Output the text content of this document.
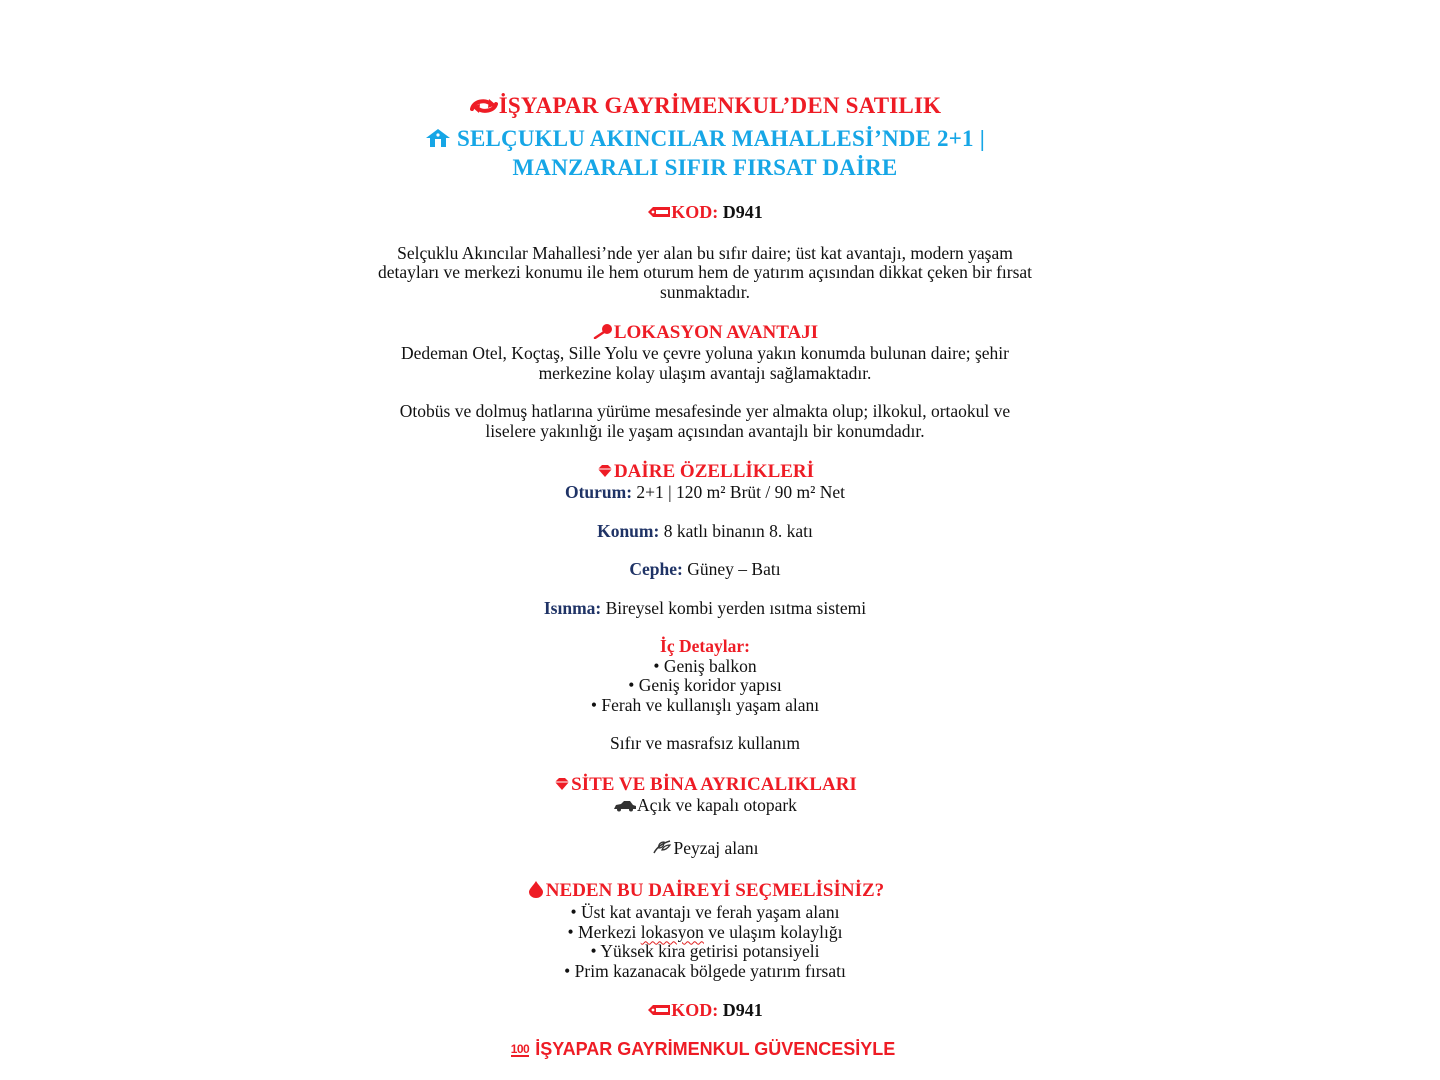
İŞYAPAR GAYRİMENKUL’DEN SATILIK
SELÇUKLU AKINCILAR MAHALLESİ’NDE 2+1 |
MANZARALI SIFIR FIRSAT DAİRE
KOD: D941

Selçuklu Akıncılar Mahallesi’nde yer alan bu sıfır daire; üst kat avantajı, modern yaşam

detayları ve merkezi konumu ile hem oturum hem de yatırım açısından dikkat çeken bir fırsat

sunmaktadır.

LOKASYON AVANTAJI

Dedeman Otel, Koçtaş, Sille Yolu ve çevre yoluna yakın konumda bulunan daire; şehir

merkezine kolay ulaşım avantajı sağlamaktadır.

Otobüs ve dolmuş hatlarına yürüme mesafesinde yer almakta olup; ilkokul, ortaokul ve

liselere yakınlığı ile yaşam açısından avantajlı bir konumdadır.

DAİRE ÖZELLİKLERİ

Oturum: 2+1 | 120 m² Brüt / 90 m² Net

Konum: 8 katlı binanın 8. katı

Cephe: Güney – Batı

Isınma: Bireysel kombi yerden ısıtma sistemi

İç Detaylar:

• Geniş balkon

• Geniş koridor yapısı

• Ferah ve kullanışlı yaşam alanı

Sıfır ve masrafsız kullanım

SİTE VE BİNA AYRICALIKLARI

Açık ve kapalı otopark

Peyzaj alanı

NEDEN BU DAİREYİ SEÇMELİSİNİZ?

• Üst kat avantajı ve ferah yaşam alanı

• Merkezi lokasyon ve ulaşım kolaylığı

• Yüksek kira getirisi potansiyeli

• Prim kazanacak bölgede yatırım fırsatı

KOD: D941
100 İŞYAPAR GAYRİMENKUL GÜVENCESİYLE
